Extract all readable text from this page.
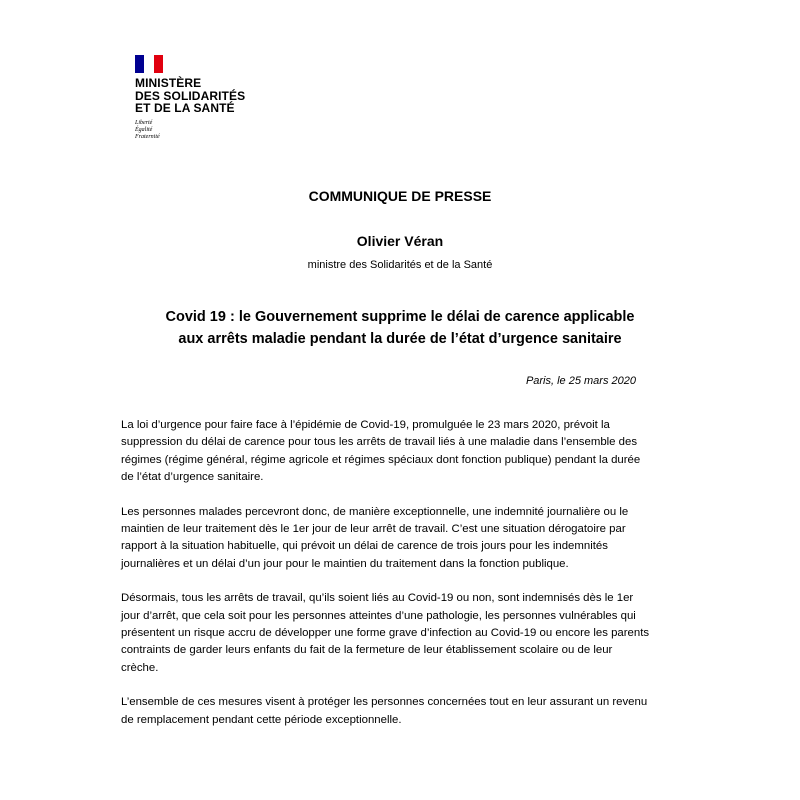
MINISTÈRE
DES SOLIDARITÉS
ET DE LA SANTÉ
Liberté
Égalité
Fraternité
COMMUNIQUE DE PRESSE
Olivier Véran
ministre des Solidarités et de la Santé
Covid 19 : le Gouvernement supprime le délai de carence applicable
aux arrêts maladie pendant la durée de l’état d’urgence sanitaire
Paris, le 25 mars 2020

La loi d’urgence pour faire face à l’épidémie de Covid-19, promulguée le 23 mars 2020, prévoit la suppression du délai de carence pour tous les arrêts de travail liés à une maladie dans l’ensemble des régimes (régime général, régime agricole et régimes spéciaux dont fonction publique) pendant la durée de l’état d’urgence sanitaire.

Les personnes malades percevront donc, de manière exceptionnelle, une indemnité journalière ou le maintien de leur traitement dès le 1er jour de leur arrêt de travail. C’est une situation dérogatoire par rapport à la situation habituelle, qui prévoit un délai de carence de trois jours pour les indemnités journalières et un délai d’un jour pour le maintien du traitement dans la fonction publique.

Désormais, tous les arrêts de travail, qu’ils soient liés au Covid-19 ou non, sont indemnisés dès le 1er jour d’arrêt, que cela soit pour les personnes atteintes d’une pathologie, les personnes vulnérables qui présentent un risque accru de développer une forme grave d’infection au Covid-19 ou encore les parents contraints de garder leurs enfants du fait de la fermeture de leur établissement scolaire ou de leur crèche.

L’ensemble de ces mesures visent à protéger les personnes concernées tout en leur assurant un revenu de remplacement pendant cette période exceptionnelle.
